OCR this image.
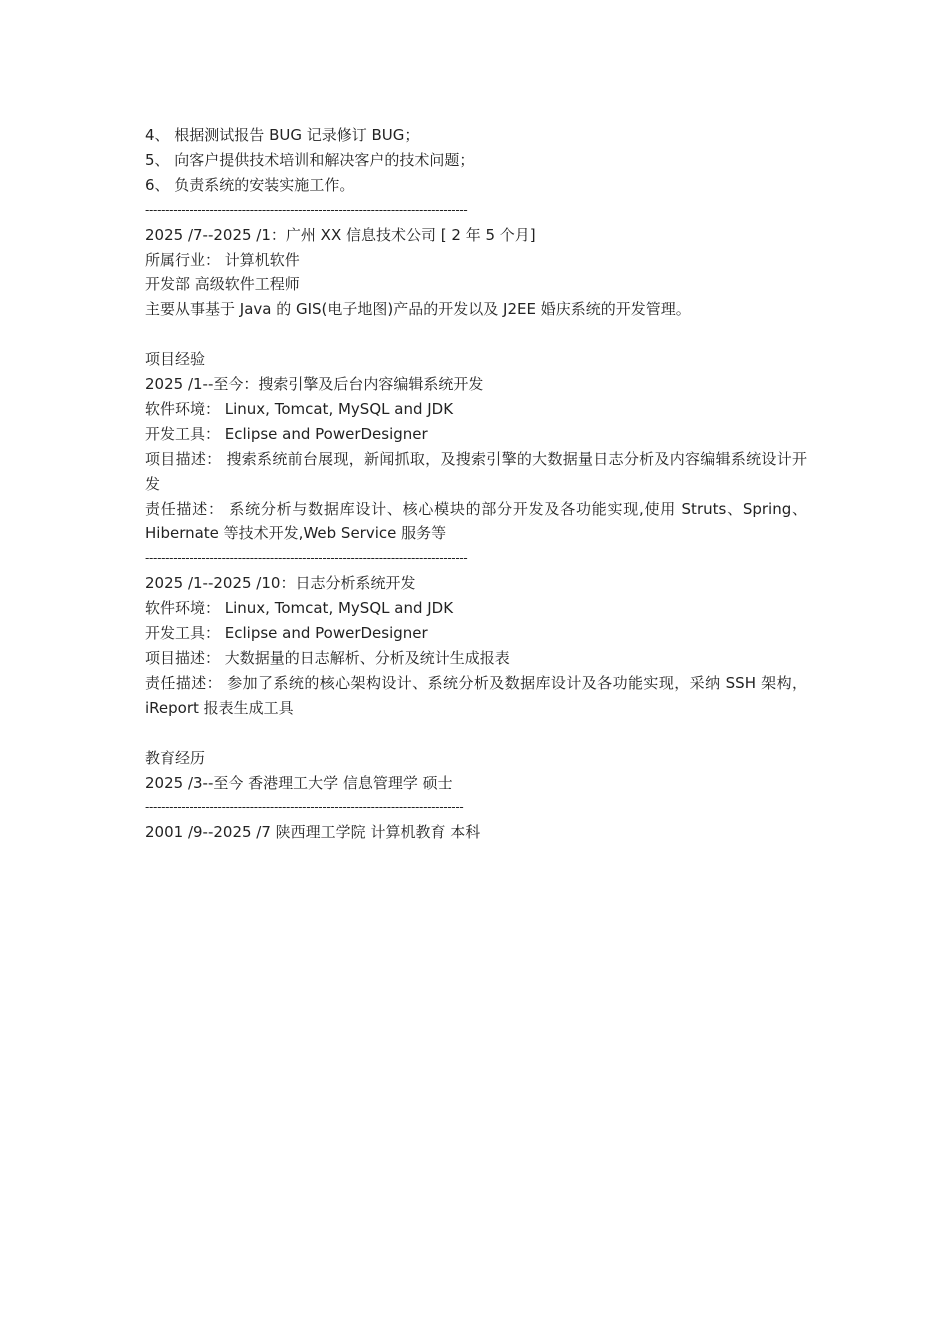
4、 根据测试报告 BUG 记录修订 BUG；
5、 向客户提供技术培训和解决客户的技术问题；
6、 负责系统的安装实施工作。
--------------------------------------------------------------------------------
2025 /7--2025 /1：广州 XX 信息技术公司 [ 2 年 5 个月]
所属行业： 计算机软件
开发部 高级软件工程师
主要从事基于 Java 的 GIS(电子地图)产品的开发以及 J2EE 婚庆系统的开发管理。
项目经验
2025 /1--至今：搜索引擎及后台内容编辑系统开发
软件环境： Linux, Tomcat, MySQL and JDK
开发工具： Eclipse and PowerDesigner
项目描述： 搜索系统前台展现，新闻抓取，及搜索引擎的大数据量日志分析及内容编辑系统设计开发
责任描述： 系统分析与数据库设计、核心模块的部分开发及各功能实现,使用 Struts、Spring、Hibernate 等技术开发,Web Service 服务等
--------------------------------------------------------------------------------
2025 /1--2025 /10：日志分析系统开发
软件环境： Linux, Tomcat, MySQL and JDK
开发工具： Eclipse and PowerDesigner
项目描述： 大数据量的日志解析、分析及统计生成报表
责任描述： 参加了系统的核心架构设计、系统分析及数据库设计及各功能实现，采纳 SSH 架构，iReport 报表生成工具
教育经历
2025 /3--至今 香港理工大学 信息管理学 硕士
-------------------------------------------------------------------------------
2001 /9--2025 /7 陕西理工学院 计算机教育 本科
